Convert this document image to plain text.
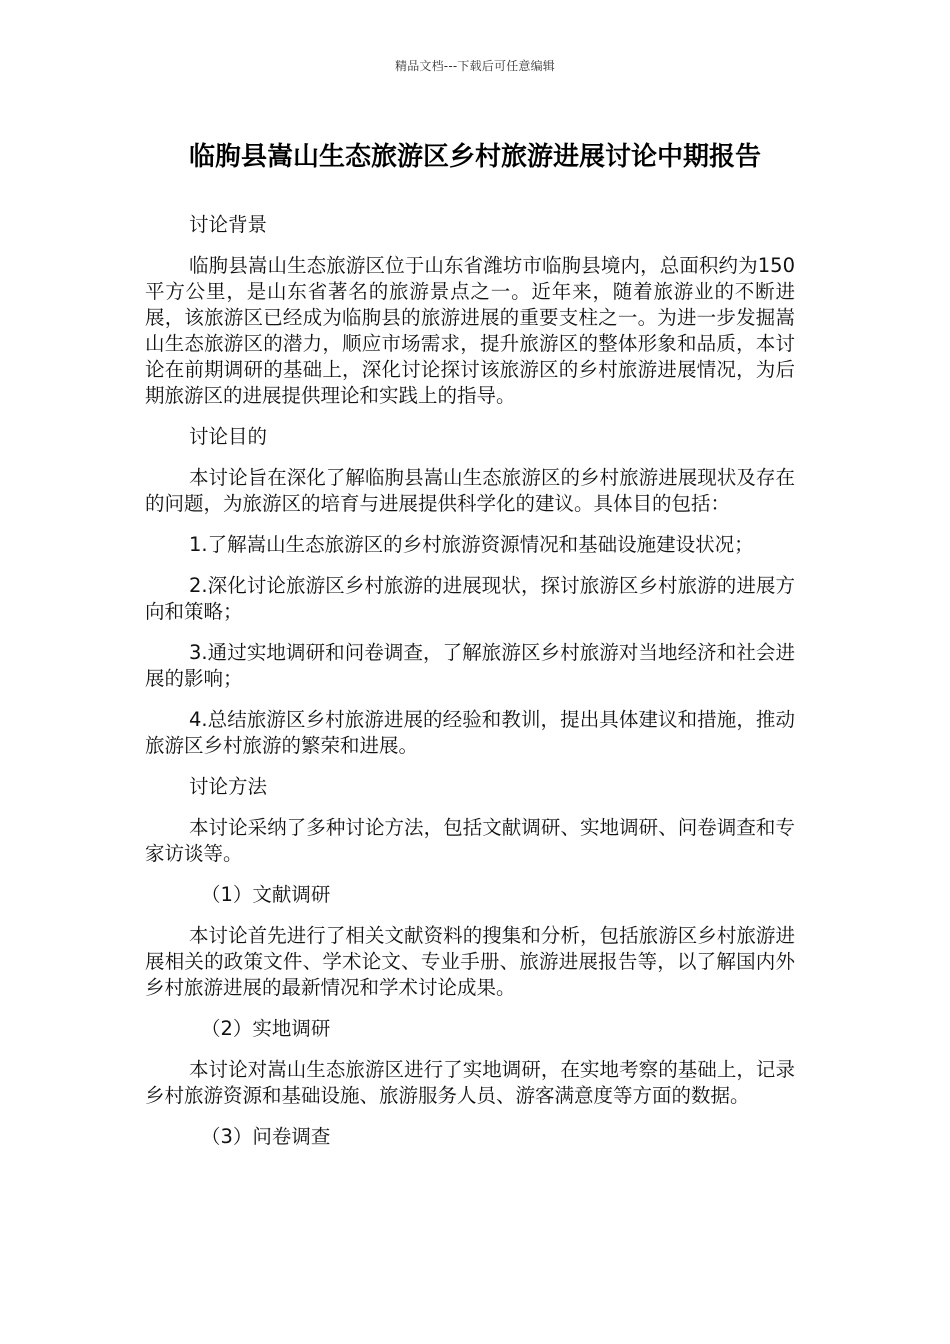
精品文档---下载后可任意编辑
临朐县嵩山生态旅游区乡村旅游进展讨论中期报告

讨论背景

临朐县嵩山生态旅游区位于山东省潍坊市临朐县境内，总面积约为150平方公里，是山东省著名的旅游景点之一。近年来，随着旅游业的不断进展，该旅游区已经成为临朐县的旅游进展的重要支柱之一。为进一步发掘嵩山生态旅游区的潜力，顺应市场需求，提升旅游区的整体形象和品质，本讨论在前期调研的基础上，深化讨论探讨该旅游区的乡村旅游进展情况，为后期旅游区的进展提供理论和实践上的指导。

讨论目的

本讨论旨在深化了解临朐县嵩山生态旅游区的乡村旅游进展现状及存在的问题，为旅游区的培育与进展提供科学化的建议。具体目的包括：

1.了解嵩山生态旅游区的乡村旅游资源情况和基础设施建设状况；

2.深化讨论旅游区乡村旅游的进展现状，探讨旅游区乡村旅游的进展方向和策略；

3.通过实地调研和问卷调查，了解旅游区乡村旅游对当地经济和社会进展的影响；

4.总结旅游区乡村旅游进展的经验和教训，提出具体建议和措施，推动旅游区乡村旅游的繁荣和进展。

讨论方法

本讨论采纳了多种讨论方法，包括文献调研、实地调研、问卷调查和专家访谈等。

（1）文献调研

本讨论首先进行了相关文献资料的搜集和分析，包括旅游区乡村旅游进展相关的政策文件、学术论文、专业手册、旅游进展报告等，以了解国内外乡村旅游进展的最新情况和学术讨论成果。

（2）实地调研

本讨论对嵩山生态旅游区进行了实地调研，在实地考察的基础上，记录乡村旅游资源和基础设施、旅游服务人员、游客满意度等方面的数据。

（3）问卷调查
